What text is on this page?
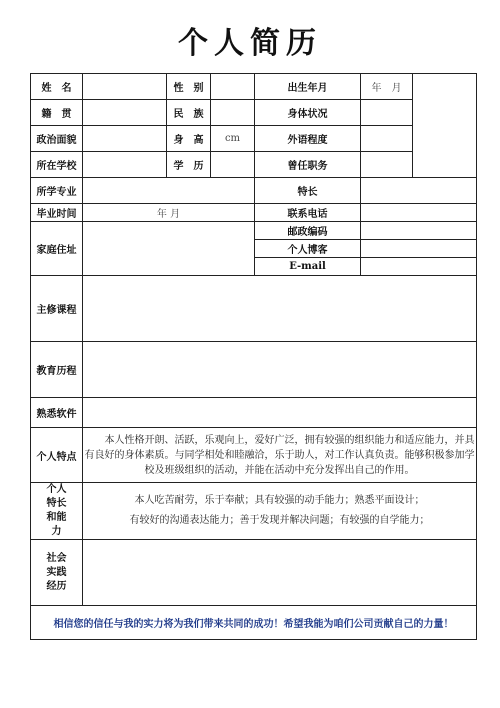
个人简历
姓　名		性　别		出生年月	年　月	
籍　贯		民　族		身体状况		
政治面貌		身　高	cm	外语程度		
所在学校		学　历		曾任职务		
所学专业				特长		
毕业时间	年 月			联系电话		
家庭住址				邮政编码		
				个人博客		
				E-mail		
主修课程						
教育历程						
熟悉软件						
个人特点	本人性格开朗、活跃，乐观向上，爱好广泛，拥有较强的组织能力和适应能力，并具有良好的身体素质。与同学相处和睦融洽，乐于助人，对工作认真负责。能够积极参加学校及班级组织的活动，并能在活动中充分发挥出自己的作用。					

个人特长和能力	本人吃苦耐劳，乐于奉献；具有较强的动手能力；熟悉平面设计；

有较好的沟通表达能力；善于发现并解决问题；有较强的自学能力；					

社会实践经历						

相信您的信任与我的实力将为我们带来共同的成功！希望我能为咱们公司贡献自己的力量！						
